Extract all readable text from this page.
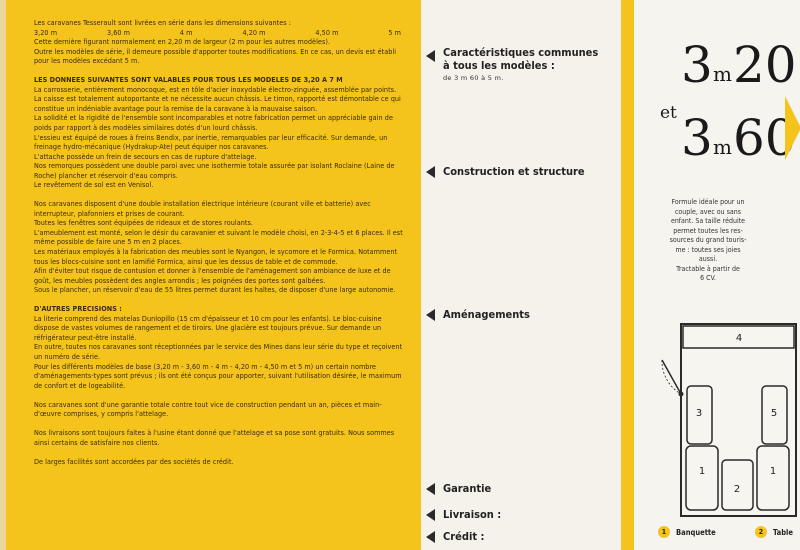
Les caravanes Tesserault sont livrées en série dans les dimensions suivantes :
3,20 m	3,60 m	4 m	4,20 m	4,50 m	5 m
Cette dernière figurant normalement en 2,20 m de largeur (2 m pour les autres modèles).

Outre les modèles de série, il demeure possible d'apporter toutes modifications. En ce cas, un devis est établi pour les modèles excédant 5 m.

LES DONNEES SUIVANTES SONT VALABLES POUR TOUS LES MODELES DE 3,20 A 7 M
La carrosserie, entièrement monocoque, est en tôle d'acier inoxydable électro-zinguée, assemblée par points. La caisse est totalement autoportante et ne nécessite aucun châssis. Le timon, rapporté est démontable ce qui constitue un indéniable avantage pour la remise de la caravane à la mauvaise saison.
La solidité et la rigidité de l'ensemble sont incomparables et notre fabrication permet un appréciable gain de poids par rapport à des modèles similaires dotés d'un lourd châssis.
L'essieu est équipé de roues à freins Bendix, par inertie, remarquables par leur efficacité. Sur demande, un freinage hydro-mécanique (Hydrakup-Ate) peut équiper nos caravanes.
L'attache possède un frein de secours en cas de rupture d'attelage.
Nos remorques possèdent une double paroi avec une isothermie totale assurée par isolant Roclaine (Laine de Roche) plancher et réservoir d'eau compris.

Le revêtement de sol est en Venisol.

Nos caravanes disposent d'une double installation électrique intérieure (courant ville et batterie) avec interrupteur, plafonniers et prises de courant.
Toutes les fenêtres sont équipées de rideaux et de stores roulants.
L'ameublement est monté, selon le désir du caravanier et suivant le modèle choisi, en 2-3-4-5 et 6 places. Il est même possible de faire une 5 m en 2 places.
Les matériaux employés à la fabrication des meubles sont le Nyangon, le sycomore et le Formica. Notamment tous les blocs-cuisine sont en lamifié Formica, ainsi que les dessus de table et de commode.
Afin d'éviter tout risque de contusion et donner à l'ensemble de l'aménagement son ambiance de luxe et de goût, les meubles possèdent des angles arrondis ; les poignées des portes sont galbées.

Sous le plancher, un réservoir d'eau de 55 litres permet durant les haltes, de disposer d'une large autonomie.

D'AUTRES PRECISIONS :
La literie comprend des matelas Dunlopillo (15 cm d'épaisseur et 10 cm pour les enfants). Le bloc-cuisine dispose de vastes volumes de rangement et de tiroirs. Une glacière est toujours prévue. Sur demande un réfrigérateur peut-être installé.
En outre, toutes nos caravanes sont réceptionnées par le service des Mines dans leur série du type et reçoivent un numéro de série.

Pour les différents modèles de base (3,20 m - 3,60 m - 4 m - 4,20 m - 4,50 m et 5 m) un certain nombre d'aménagements-types sont prévus ; ils ont été conçus pour apporter, suivant l'utilisation désirée, le maximum de confort et de logeabilité.

Nos caravanes sont d'une garantie totale contre tout vice de construction pendant un an, pièces et main-d'œuvre comprises, y compris l'attelage.

Nos livraisons sont toujours faites à l'usine étant donné que l'attelage et sa pose sont gratuits. Nous sommes ainsi certains de satisfaire nos clients.

De larges facilités sont accordées par des sociétés de crédit.

Caractéristiques communes
à tous les modèles :
de 3 m 60 à 5 m.
Construction et structure
Aménagements
Garantie
Livraison :
Crédit :
3 m 20
et 3 m 60
Formule idéale pour un
couple, avec ou sans
enfant. Sa taille réduite
permet toutes les res-
sources du grand touris-
me : toutes ses joies
aussi.
Tractable à partir de
6 CV.
4
3	5
1
2
1
1	Banquette	2	Table
